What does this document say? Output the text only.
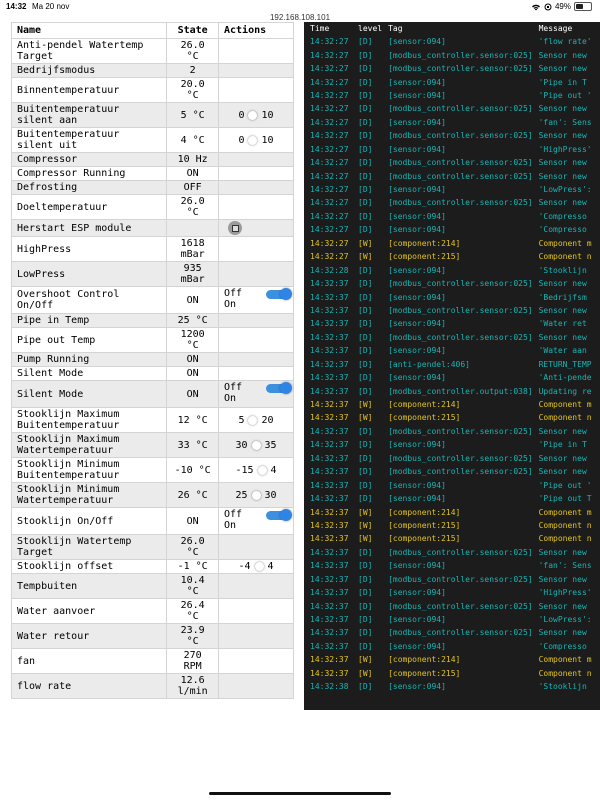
14:32 Ma 20 nov	49%
192.168.108.101
Name	State	Actions
Anti-pendel Watertemp Target	26.0 °C	
Bedrijfsmodus	2	
Binnentemperatuur	20.0 °C	
Buitentemperatuur silent aan	5 °C	0 10

Buitentemperatuur silent uit	4 °C	0 10

Compressor	10 Hz	
Compressor Running	ON	
Defrosting	OFF	
Doeltemperatuur	26.0 °C	
Herstart ESP module		

HighPress	1618 mBar	
LowPress	935 mBar	
Overshoot Control On/Off	ON	Off
On

Pipe in Temp	25 °C	
Pipe out Temp	1200 °C	
Pump Running	ON	
Silent Mode	ON	
Silent Mode	ON	Off
On

Stooklijn Maximum Buitentemperatuur	12 °C	5 20

Stooklijn Maximum Watertemperatuur	33 °C	30 35

Stooklijn Minimum Buitentemperatuur	-10 °C	-15 4

Stooklijn Minimum Watertemperatuur	26 °C	25 30

Stooklijn On/Off	ON	Off
On

Stooklijn Watertemp Target	26.0 °C	
Stooklijn offset	-1 °C	-4 4

Tempbuiten	10.4 °C	
Water aanvoer	26.4 °C	
Water retour	23.9 °C	
fan	270 RPM	
flow rate	12.6 l/min	
Time	level	Tag	Message
14:32:27	[D]	[sensor:094]	'flow rate'
14:32:27	[D]	[modbus_controller.sensor:025]	Sensor new
14:32:27	[D]	[modbus_controller.sensor:025]	Sensor new
14:32:27	[D]	[sensor:094]	'Pipe in T
14:32:27	[D]	[sensor:094]	'Pipe out '
14:32:27	[D]	[modbus_controller.sensor:025]	Sensor new
14:32:27	[D]	[sensor:094]	'fan': Sens
14:32:27	[D]	[modbus_controller.sensor:025]	Sensor new
14:32:27	[D]	[sensor:094]	'HighPress'
14:32:27	[D]	[modbus_controller.sensor:025]	Sensor new
14:32:27	[D]	[modbus_controller.sensor:025]	Sensor new
14:32:27	[D]	[sensor:094]	'LowPress':
14:32:27	[D]	[modbus_controller.sensor:025]	Sensor new
14:32:27	[D]	[sensor:094]	'Compresso
14:32:27	[D]	[sensor:094]	'Compresso
14:32:27	[W]	[component:214]	Component m
14:32:27	[W]	[component:215]	Component n
14:32:28	[D]	[sensor:094]	'Stooklijn
14:32:37	[D]	[modbus_controller.sensor:025]	Sensor new
14:32:37	[D]	[sensor:094]	'Bedrijfsm
14:32:37	[D]	[modbus_controller.sensor:025]	Sensor new
14:32:37	[D]	[sensor:094]	'Water ret
14:32:37	[D]	[modbus_controller.sensor:025]	Sensor new
14:32:37	[D]	[sensor:094]	'Water aan
14:32:37	[D]	[anti-pendel:406]	RETURN_TEMP
14:32:37	[D]	[sensor:094]	'Anti-pende
14:32:37	[D]	[modbus_controller.output:038]	Updating re
14:32:37	[W]	[component:214]	Component m
14:32:37	[W]	[component:215]	Component n
14:32:37	[D]	[modbus_controller.sensor:025]	Sensor new
14:32:37	[D]	[sensor:094]	'Pipe in T
14:32:37	[D]	[modbus_controller.sensor:025]	Sensor new
14:32:37	[D]	[modbus_controller.sensor:025]	Sensor new
14:32:37	[D]	[sensor:094]	'Pipe out '
14:32:37	[D]	[sensor:094]	'Pipe out T
14:32:37	[W]	[component:214]	Component m
14:32:37	[W]	[component:215]	Component n
14:32:37	[W]	[component:215]	Component n
14:32:37	[D]	[modbus_controller.sensor:025]	Sensor new
14:32:37	[D]	[sensor:094]	'fan': Sens
14:32:37	[D]	[modbus_controller.sensor:025]	Sensor new
14:32:37	[D]	[sensor:094]	'HighPress'
14:32:37	[D]	[modbus_controller.sensor:025]	Sensor new
14:32:37	[D]	[sensor:094]	'LowPress':
14:32:37	[D]	[modbus_controller.sensor:025]	Sensor new
14:32:37	[D]	[sensor:094]	'Compresso
14:32:37	[W]	[component:214]	Component m
14:32:37	[W]	[component:215]	Component n
14:32:38	[D]	[sensor:094]	'Stooklijn
